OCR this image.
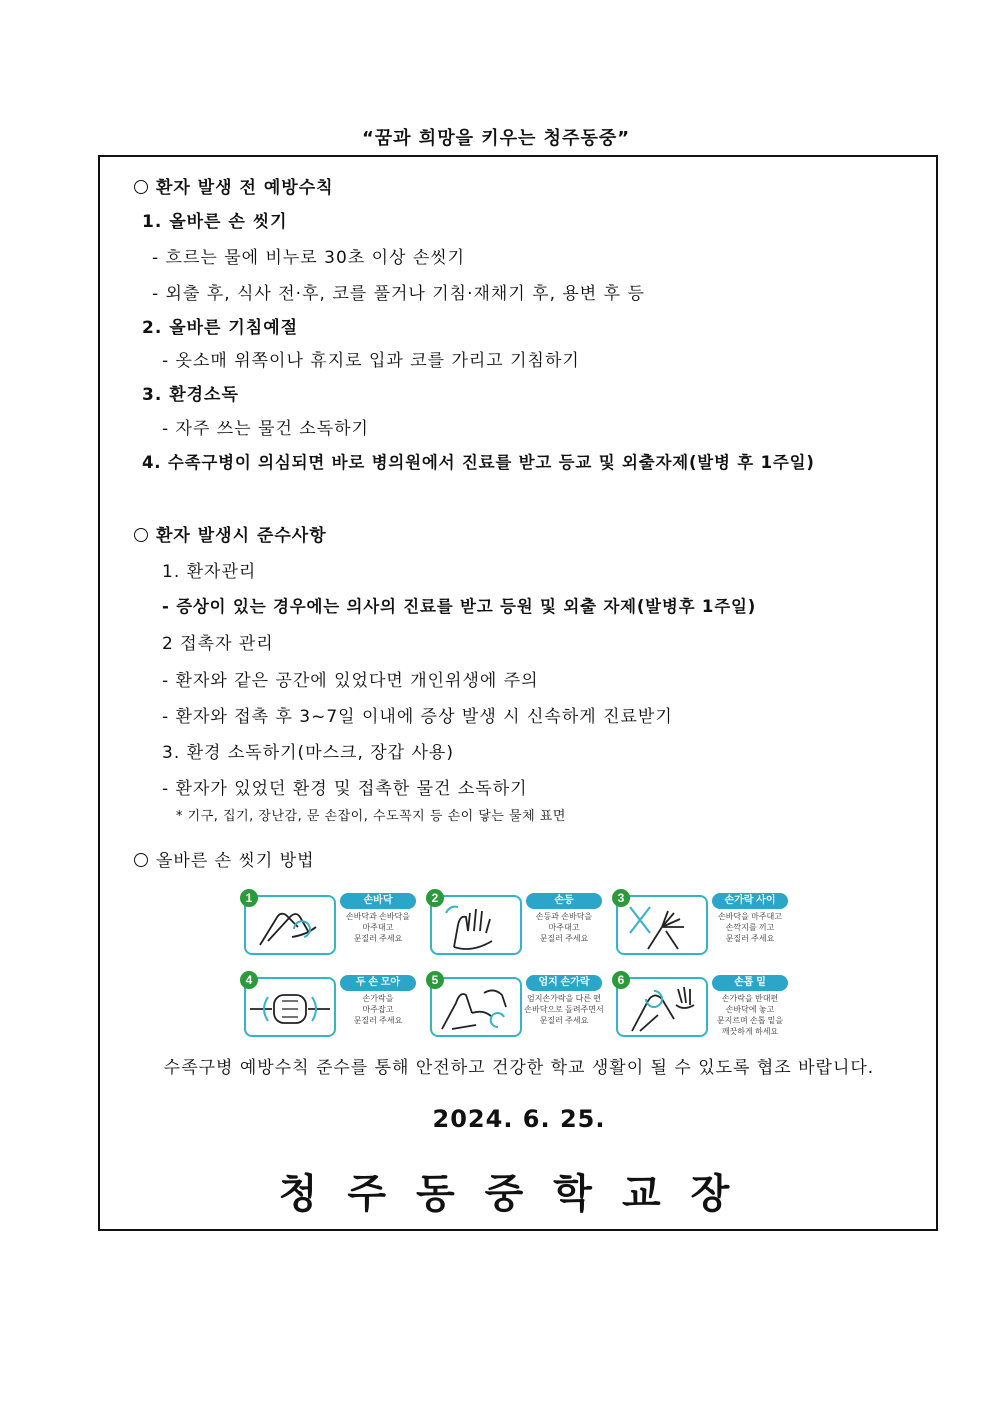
“꿈과 희망을 키우는 청주동중”
환자 발생 전 예방수칙
1. 올바른 손 씻기
- 흐르는 물에 비누로 30초 이상 손씻기
- 외출 후, 식사 전·후, 코를 풀거나 기침·재채기 후, 용변 후 등
2. 올바른 기침예절
- 옷소매 위쪽이나 휴지로 입과 코를 가리고 기침하기
3. 환경소독
- 자주 쓰는 물건 소독하기
4. 수족구병이 의심되면 바로 병의원에서 진료를 받고 등교 및 외출자제(발병 후 1주일)
환자 발생시 준수사항
1. 환자관리
- 증상이 있는 경우에는 의사의 진료를 받고 등원 및 외출 자제(발병후 1주일)
2 접촉자 관리
- 환자와 같은 공간에 있었다면 개인위생에 주의
- 환자와 접촉 후 3~7일 이내에 증상 발생 시 신속하게 진료받기
3. 환경 소독하기(마스크, 장갑 사용)
- 환자가 있었던 환경 및 접촉한 물건 소독하기
* 기구, 집기, 장난감, 문 손잡이, 수도꼭지 등 손이 닿는 물체 표면
올바른 손 씻기 방법
1	손바닥
손바닥과 손바닥을
마주대고
문질러 주세요
2	손등
손등과 손바닥을
마주대고
문질러 주세요
3	손가락 사이
손바닥을 마주대고
손깍지를 끼고
문질러 주세요
4	두 손 모아
손가락을
마주잡고
문질러 주세요
5	엄지 손가락
엄지손가락을 다른 편
손바닥으로 돌려주면서
문질러 주세요
6	손톱 밑
손가락을 반대편
손바닥에 놓고
문지르며 손톱 밑을
깨끗하게 하세요
수족구병 예방수칙 준수를 통해 안전하고 건강한 학교 생활이 될 수 있도록 협조 바랍니다.
2024. 6. 25.
청주동중학교장
